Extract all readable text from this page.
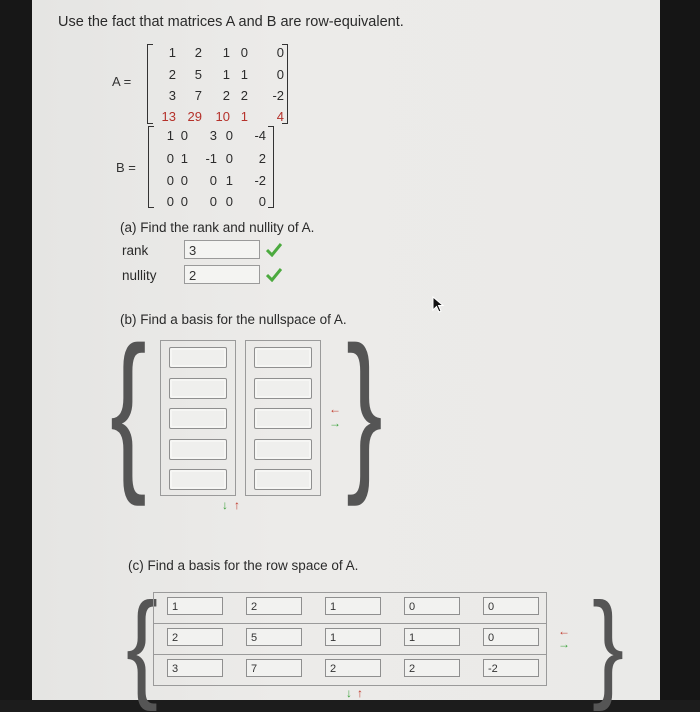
Use the fact that matrices A and B are row-equivalent.
A =
1	2	1 0	0
2	5	1 1	0
3	7	2 2	-2
13 29	10 1	4
B =
1 0	3 0	-4
0 1	-1 0	2
0 0	0 1	-2
0 0	0 0	0
(a) Find the rank and nullity of A.
rank	3
nullity	2
(b) Find a basis for the nullspace of A.
{ }
←
→
↓ ↑
(c) Find a basis for the row space of A.
{	}
1	2	1	0	0
2	5	1	1	0
3	7	2	2	-2
←
→
↓ ↑
